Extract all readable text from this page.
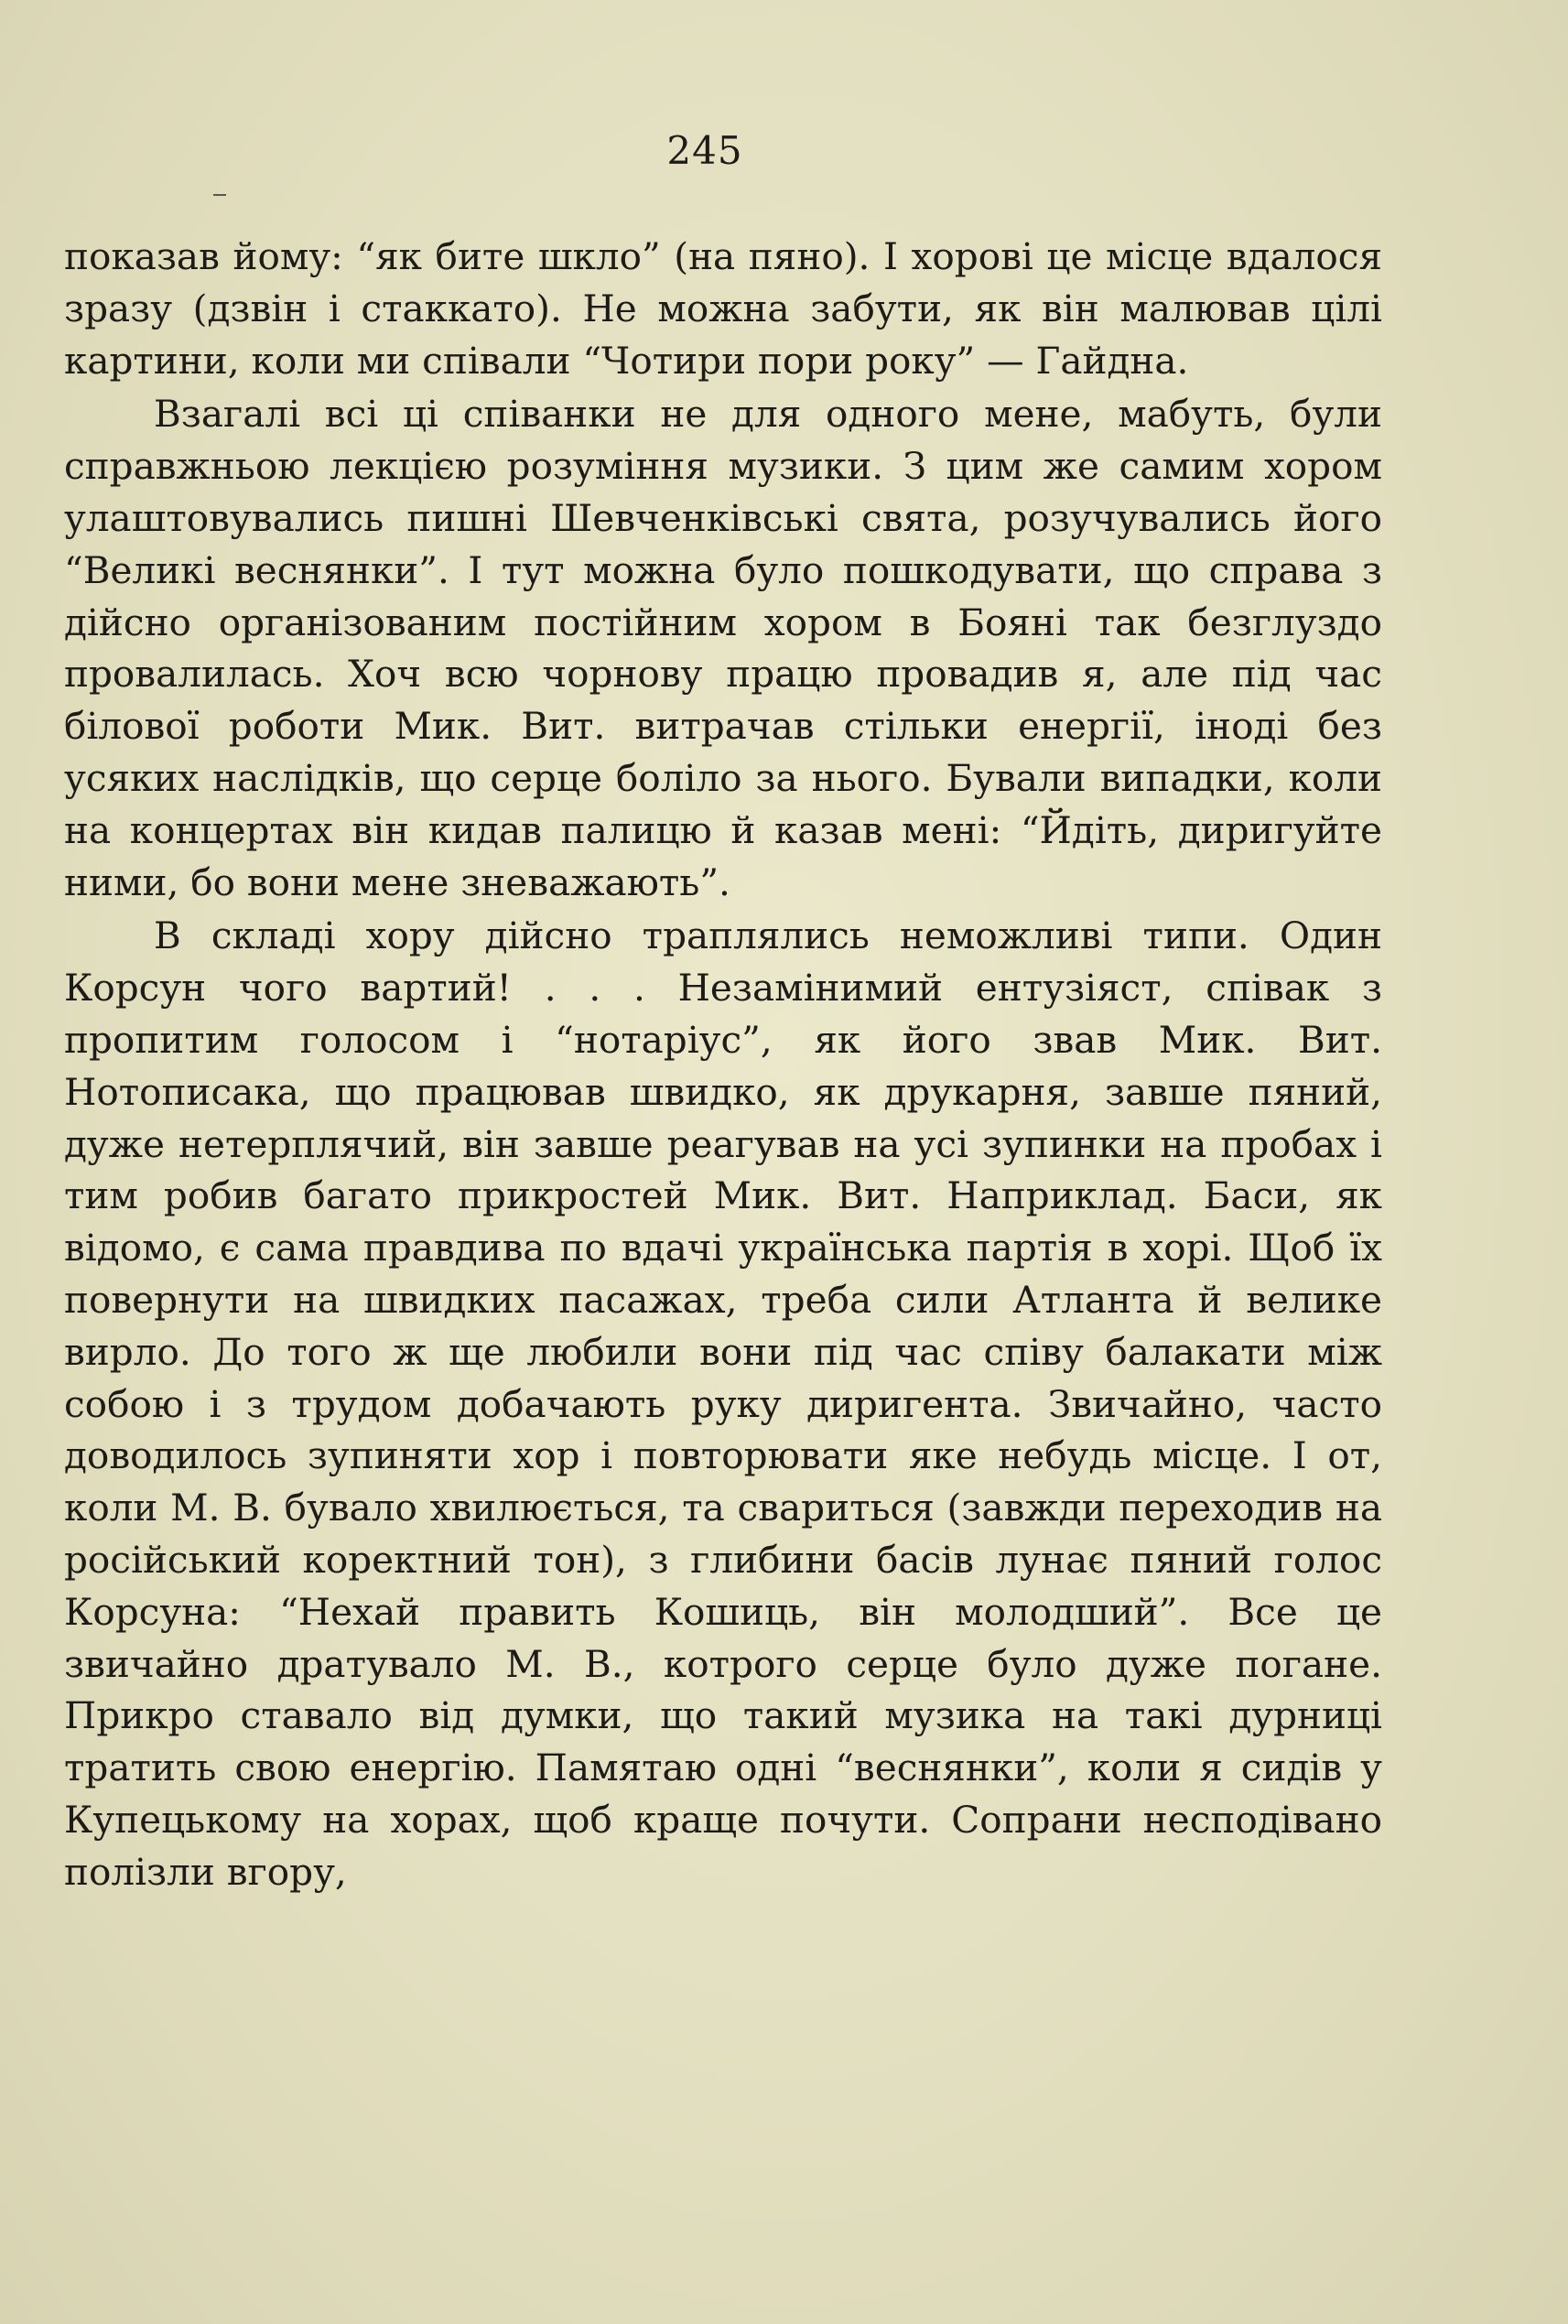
245

показав йому: “як бите шкло” (на пяно). І хорові це місце вдалося зразу (дзвін і стаккато). Не можна забути, як він малював цілі картини, коли ми співали “Чотири пори року” — Гайдна.

Взагалі всі ці співанки не для одного мене, мабуть, були справжньою лекцією розуміння музики. З цим же самим хором улаштовувались пишні Шевченківські свята, розучувались його “Великі веснянки”. І тут можна було пошкодувати, що справа з дійсно організованим постійним хором в Бояні так безглуздо провалилась. Хоч всю чорнову працю провадив я, але під час білової роботи Мик. Вит. витрачав стільки енергії, іноді без усяких наслідків, що серце боліло за нього. Бували випадки, коли на концертах він кидав палицю й казав мені: “Йдіть, диригуйте ними, бо вони мене зневажають”.

В складі хору дійсно траплялись неможливі типи. Один Корсун чого вартий! . . . Незамінимий ентузіяст, співак з пропитим голосом і “нотаріус”, як його звав Мик. Вит. Нотописака, що працював швидко, як друкарня, завше пяний, дуже нетерплячий, він завше реагував на усі зупинки на пробах і тим робив багато прикростей Мик. Вит. Наприклад. Баси, як відомо, є сама правдива по вдачі українська партія в хорі. Щоб їх повернути на швидких пасажах, треба сили Атланта й велике вирло. До того ж ще любили вони під час співу балакати між собою і з трудом добачають руку диригента. Звичайно, часто доводилось зупиняти хор і повторювати яке небудь місце. І от, коли М. В. бувало хвилюється, та свариться (завжди переходив на російський коректний тон), з глибини басів лунає пяний голос Корсуна: “Нехай править Кошиць, він молодший”. Все це звичайно дратувало М. В., котрого серце було дуже погане. Прикро ставало від думки, що такий музика на такі дурниці тратить свою енергію. Памятаю одні “веснянки”, коли я сидів у Купецькому на хорах, щоб краще почути. Сопрани несподівано полізли вгору,
